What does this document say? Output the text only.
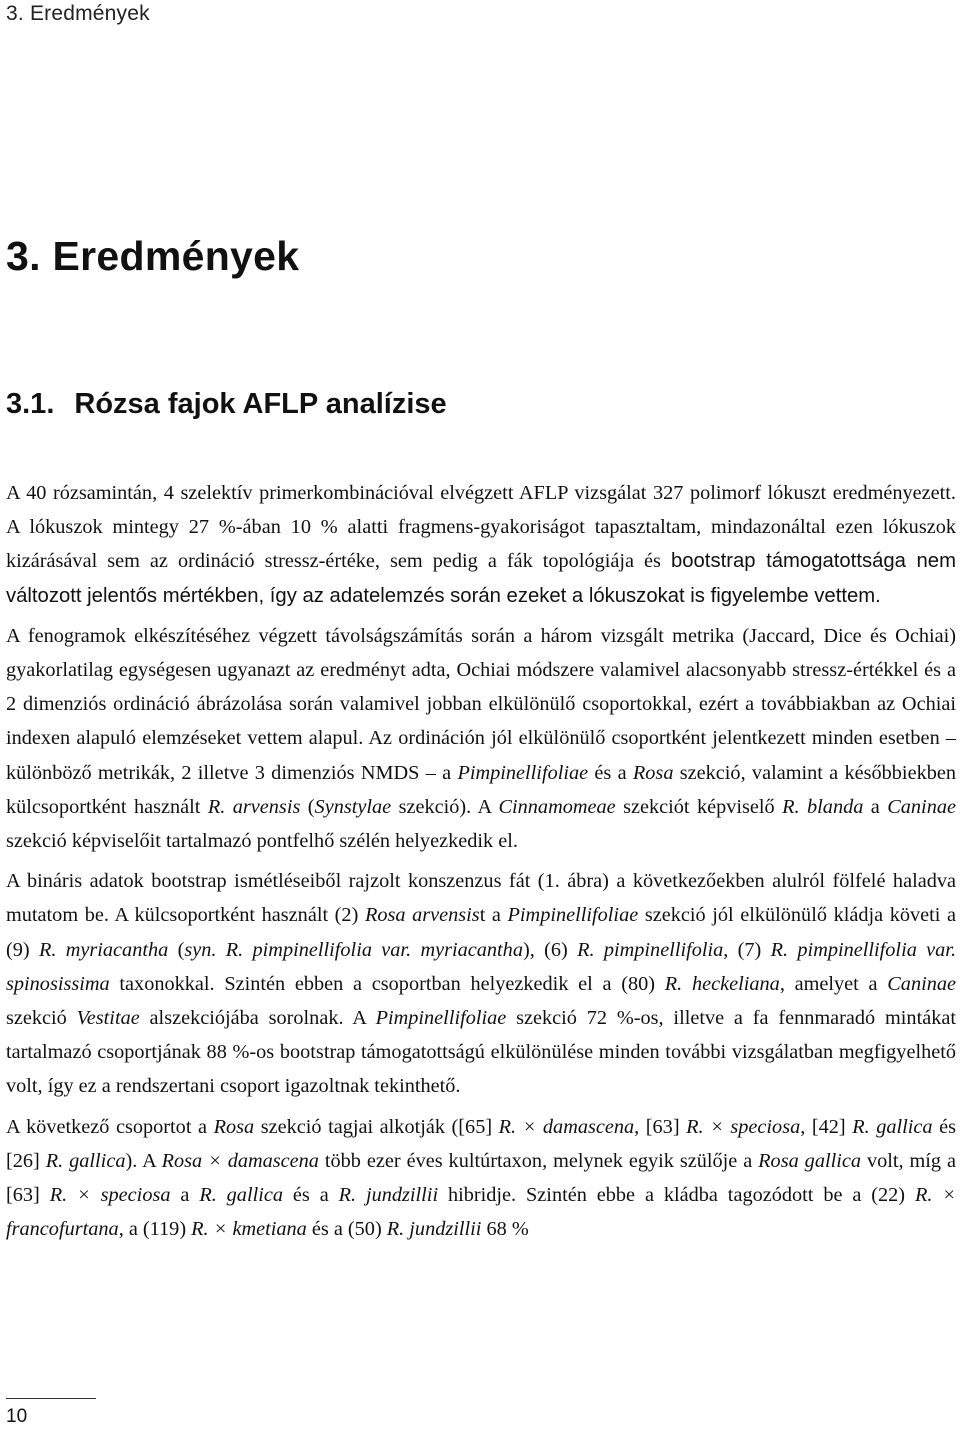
3. Eredmények
3. Eredmények
3.1. Rózsa fajok AFLP analízise

A 40 rózsamintán, 4 szelektív primerkombinációval elvégzett AFLP vizsgálat 327 polimorf lókuszt eredményezett. A lókuszok mintegy 27 %-ában 10 % alatti fragmens-gyakoriságot tapasztaltam, mindazonáltal ezen lókuszok kizárásával sem az ordináció stressz-értéke, sem pedig a fák topológiája és bootstrap támogatottsága nem változott jelentős mértékben, így az adatelemzés során ezeket a lókuszokat is figyelembe vettem.

A fenogramok elkészítéséhez végzett távolságszámítás során a három vizsgált metrika (Jaccard, Dice és Ochiai) gyakorlatilag egységesen ugyanazt az eredményt adta, Ochiai módszere valamivel alacsonyabb stressz-értékkel és a 2 dimenziós ordináció ábrázolása során valamivel jobban elkülönülő csoportokkal, ezért a továbbiakban az Ochiai indexen alapuló elemzéseket vettem alapul. Az ordináción jól elkülönülő csoportként jelentkezett minden esetben – különböző metrikák, 2 illetve 3 dimenziós NMDS – a Pimpinellifoliae és a Rosa szekció, valamint a későbbiekben külcsoportként használt R. arvensis (Synstylae szekció). A Cinnamomeae szekciót képviselő R. blanda a Caninae szekció képviselőit tartalmazó pontfelhő szélén helyezkedik el.

A bináris adatok bootstrap ismétléseiből rajzolt konszenzus fát (1. ábra) a következőekben alulról fölfelé haladva mutatom be. A külcsoportként használt (2) Rosa arvensist a Pimpinellifoliae szekció jól elkülönülő kládja követi a (9) R. myriacantha (syn. R. pimpinellifolia var. myriacantha), (6) R. pimpinellifolia, (7) R. pimpinellifolia var. spinosissima taxonokkal. Szintén ebben a csoportban helyezkedik el a (80) R. heckeliana, amelyet a Caninae szekció Vestitae alszekciójába sorolnak. A Pimpinellifoliae szekció 72 %-os, illetve a fa fennmaradó mintákat tartalmazó csoportjának 88 %-os bootstrap támogatottságú elkülönülése minden további vizsgálatban megfigyelhető volt, így ez a rendszertani csoport igazoltnak tekinthető.

A következő csoportot a Rosa szekció tagjai alkotják ([65] R. × damascena, [63] R. × speciosa, [42] R. gallica és [26] R. gallica). A Rosa × damascena több ezer éves kultúrtaxon, melynek egyik szülője a Rosa gallica volt, míg a [63] R. × speciosa a R. gallica és a R. jundzillii hibridje. Szintén ebbe a kládba tagozódott be a (22) R. × francofurtana, a (119) R. × kmetiana és a (50) R. jundzillii 68 %

10
